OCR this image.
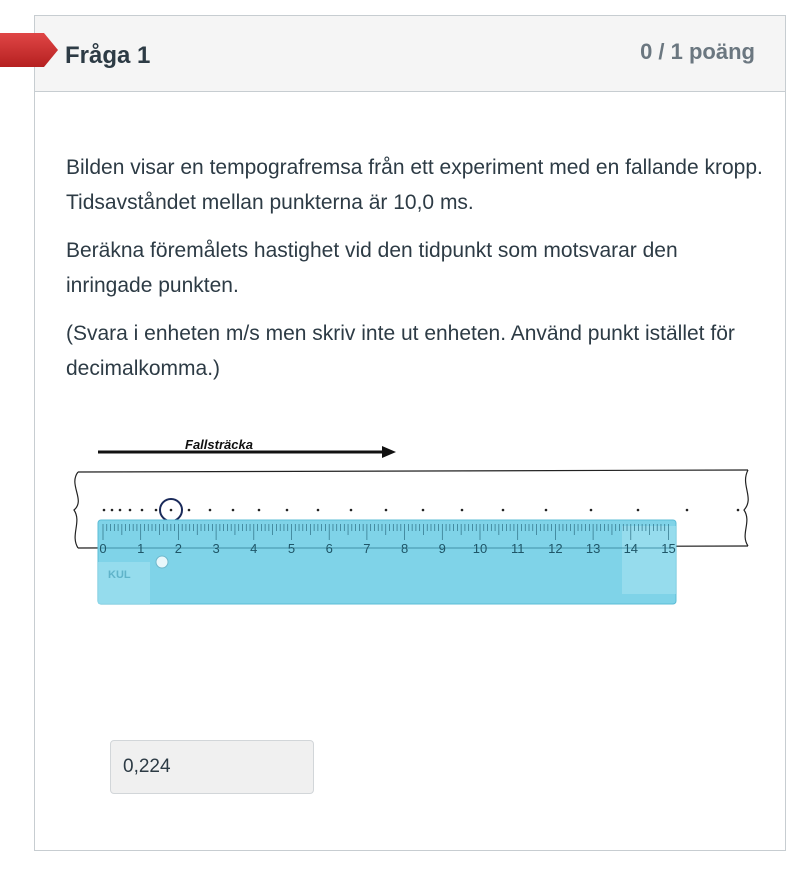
Fråga 1	0 / 1 poäng

Bilden visar en tempografremsa från ett experiment med en fallande kropp. Tidsavståndet mellan punkterna är 10,0 ms.

Beräkna föremålets hastighet vid den tidpunkt som motsvarar den inringade punkten.

(Svara i enheten m/s men skriv inte ut enheten. Använd punkt istället för decimalkomma.)

Fallsträcka
0 1 2 3 4 5 6 7 8 9 10 11 12 13 14 15
KUL
0,224
